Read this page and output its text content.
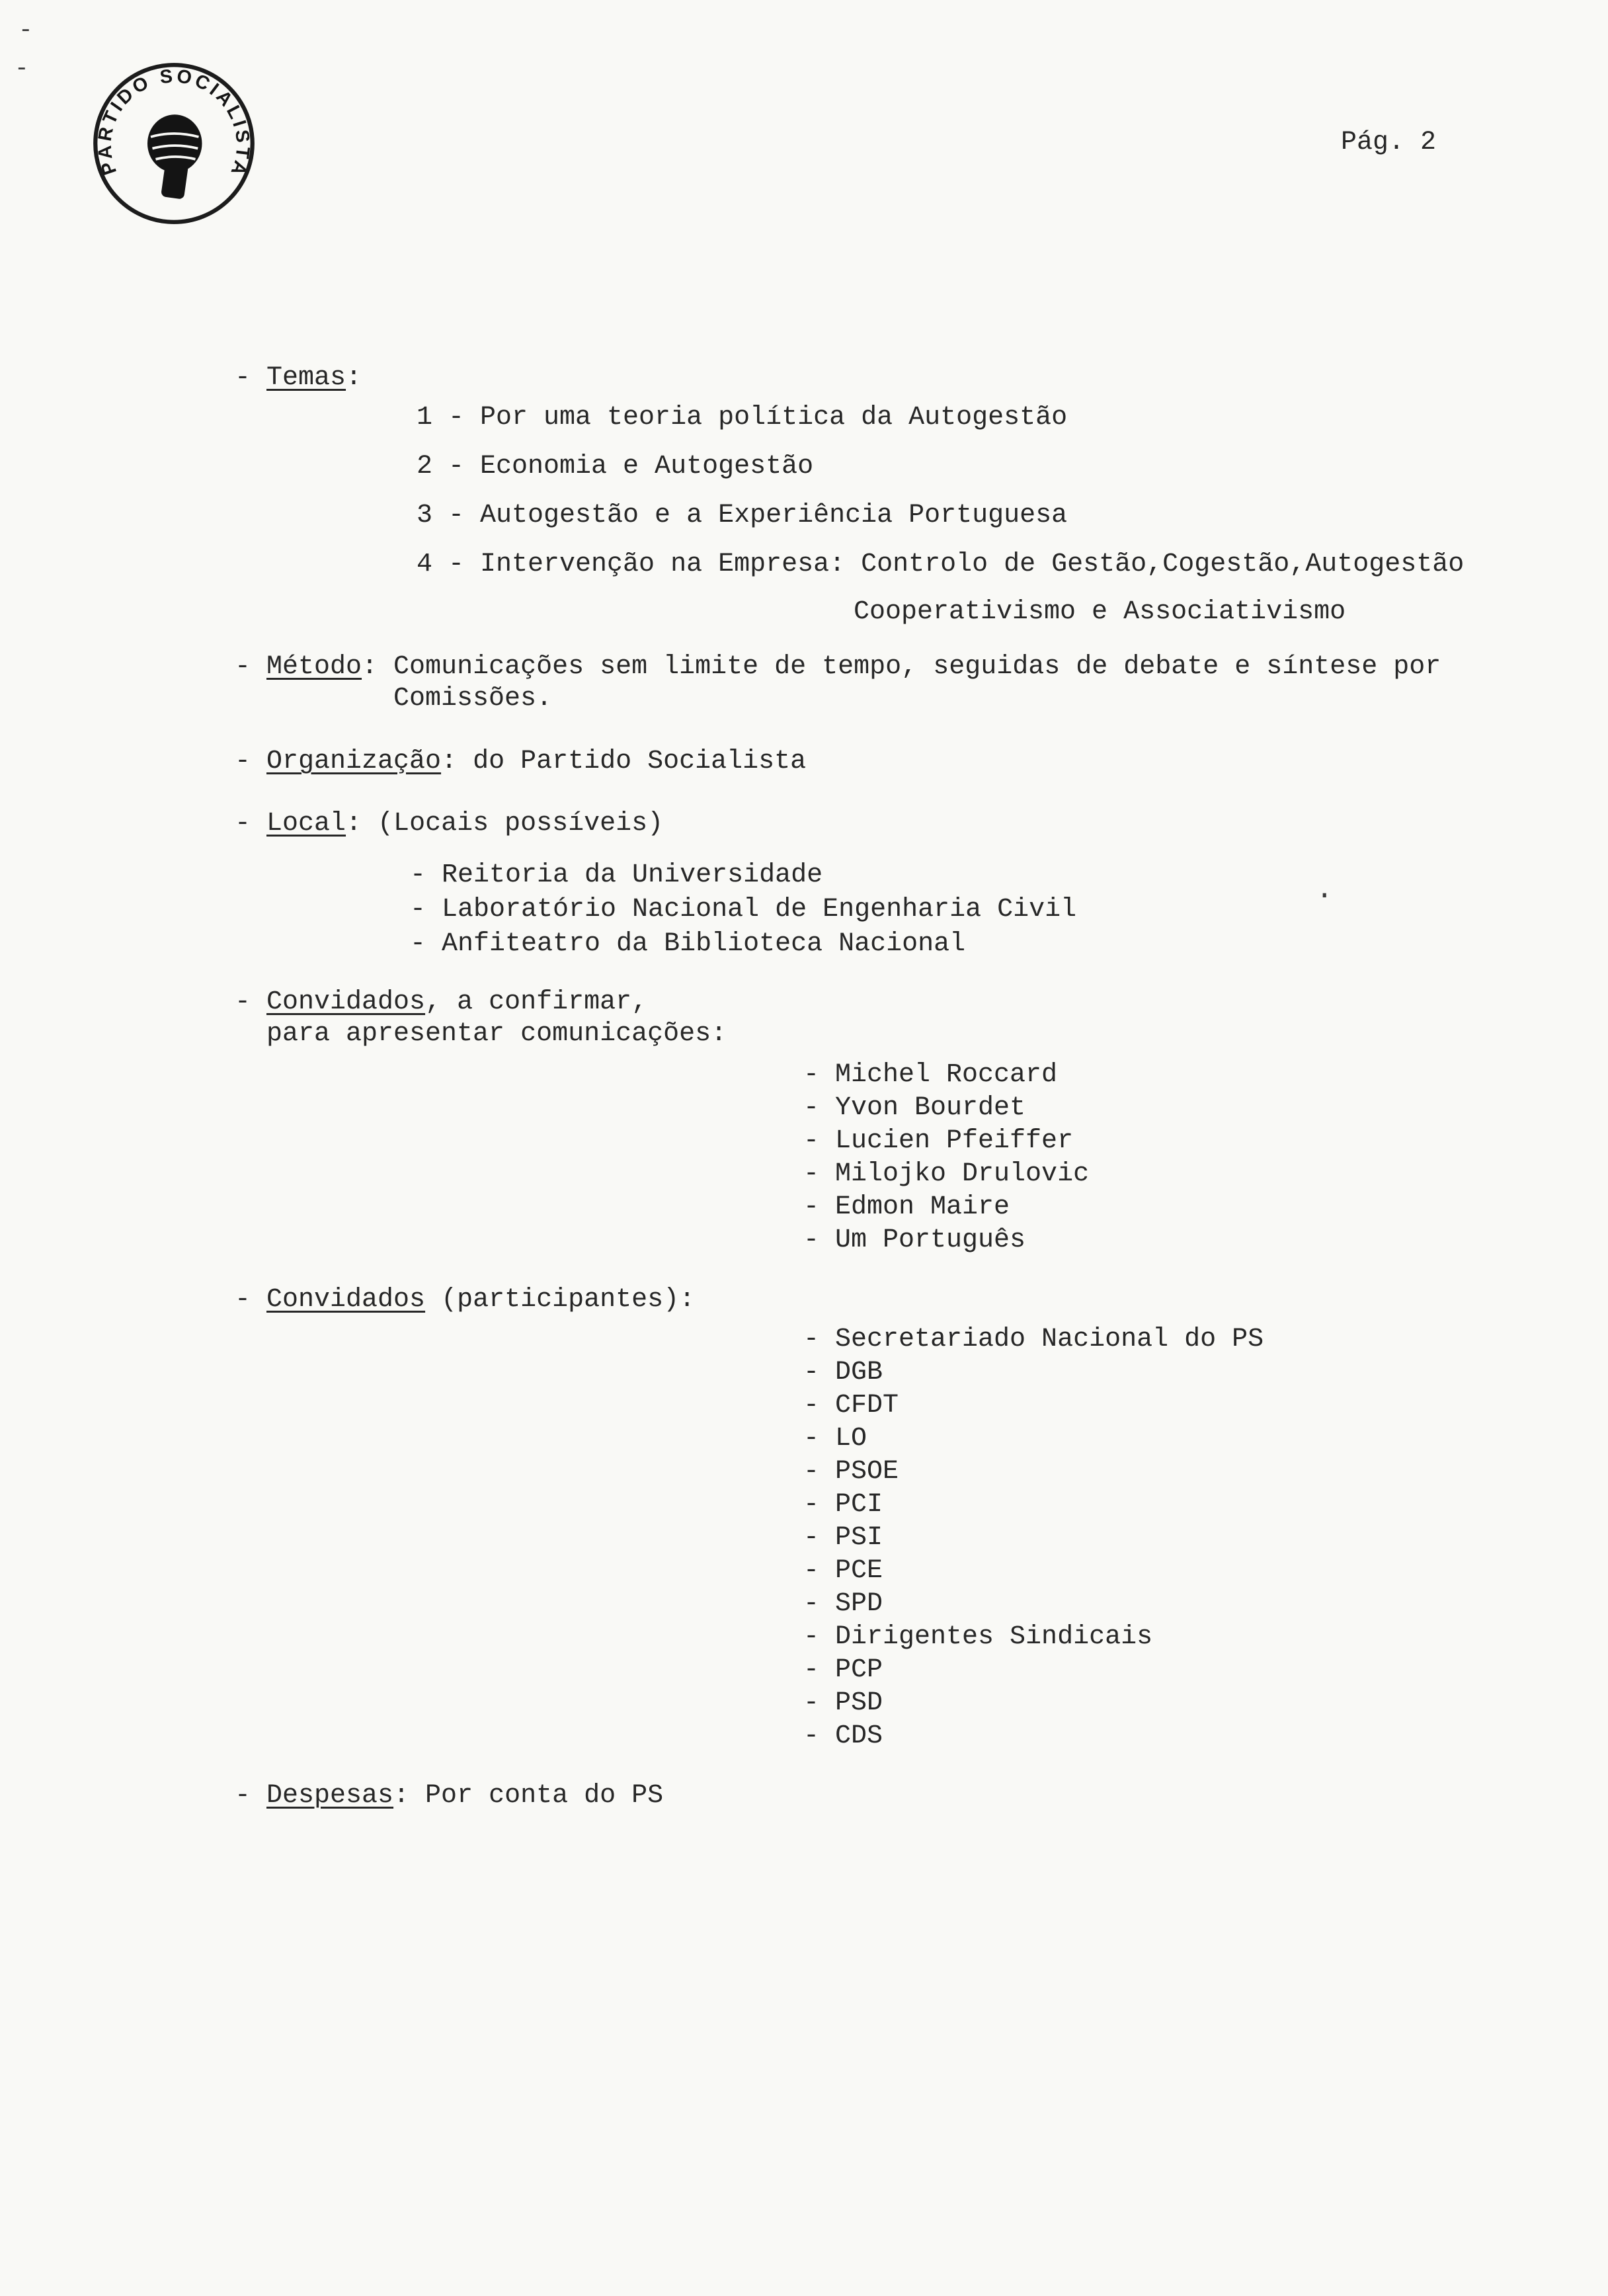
-
-
.
PARTIDO SOCIALISTA
Pág. 2
- Temas:
1 - Por uma teoria política da Autogestão
2 - Economia e Autogestão
3 - Autogestão e a Experiência Portuguesa
4 - Intervenção na Empresa: Controlo de Gestão,Cogestão,Autogestão
Cooperativismo e Associativismo
- Método: Comunicações sem limite de tempo, seguidas de debate e síntese por
Comissões.
- Organização: do Partido Socialista
- Local: (Locais possíveis)
- Reitoria da Universidade
- Laboratório Nacional de Engenharia Civil
- Anfiteatro da Biblioteca Nacional
- Convidados, a confirmar,
para apresentar comunicações:
- Michel Roccard
- Yvon Bourdet
- Lucien Pfeiffer
- Milojko Drulovic
- Edmon Maire
- Um Português
- Convidados (participantes):
- Secretariado Nacional do PS
- DGB
- CFDT
- LO
- PSOE
- PCI
- PSI
- PCE
- SPD
- Dirigentes Sindicais
- PCP
- PSD
- CDS
- Despesas: Por conta do PS
